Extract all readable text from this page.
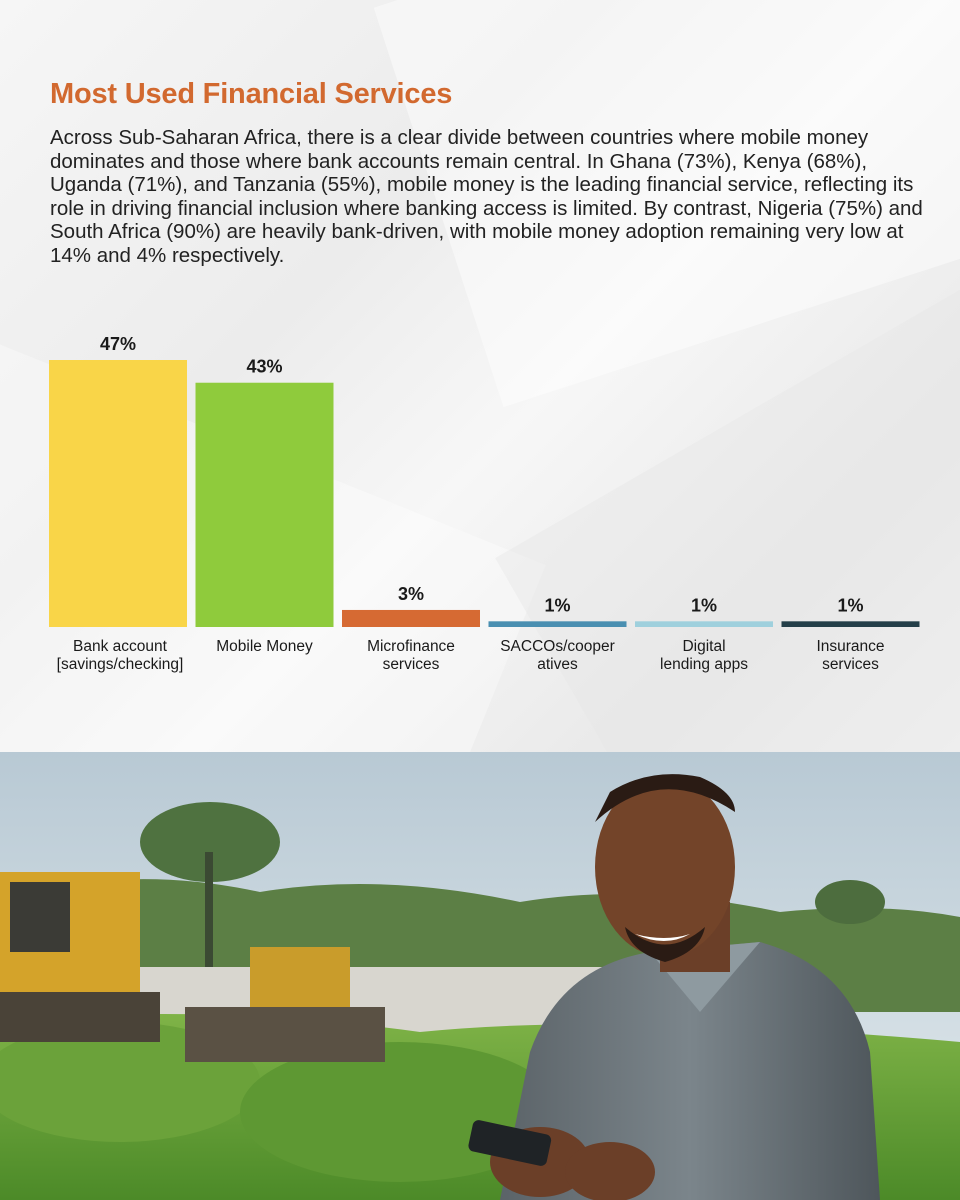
Most Used Financial Services

Across Sub-Saharan Africa, there is a clear divide between countries where mobile money dominates and those where bank accounts remain central. In Ghana (73%), Kenya (68%), Uganda (71%), and Tanzania (55%), mobile money is the leading financial service, reflecting its role in driving financial inclusion where banking access is limited. By contrast, Nigeria (75%) and South Africa (90%) are heavily bank-driven, with mobile money adoption remaining very low at 14% and 4% respectively.

47%
Bank account
[savings/checking]
43%
Mobile Money
3%
Microfinance
services
1%
SACCOs/cooper
atives
1%
Digital
lending apps
1%
Insurance
services
